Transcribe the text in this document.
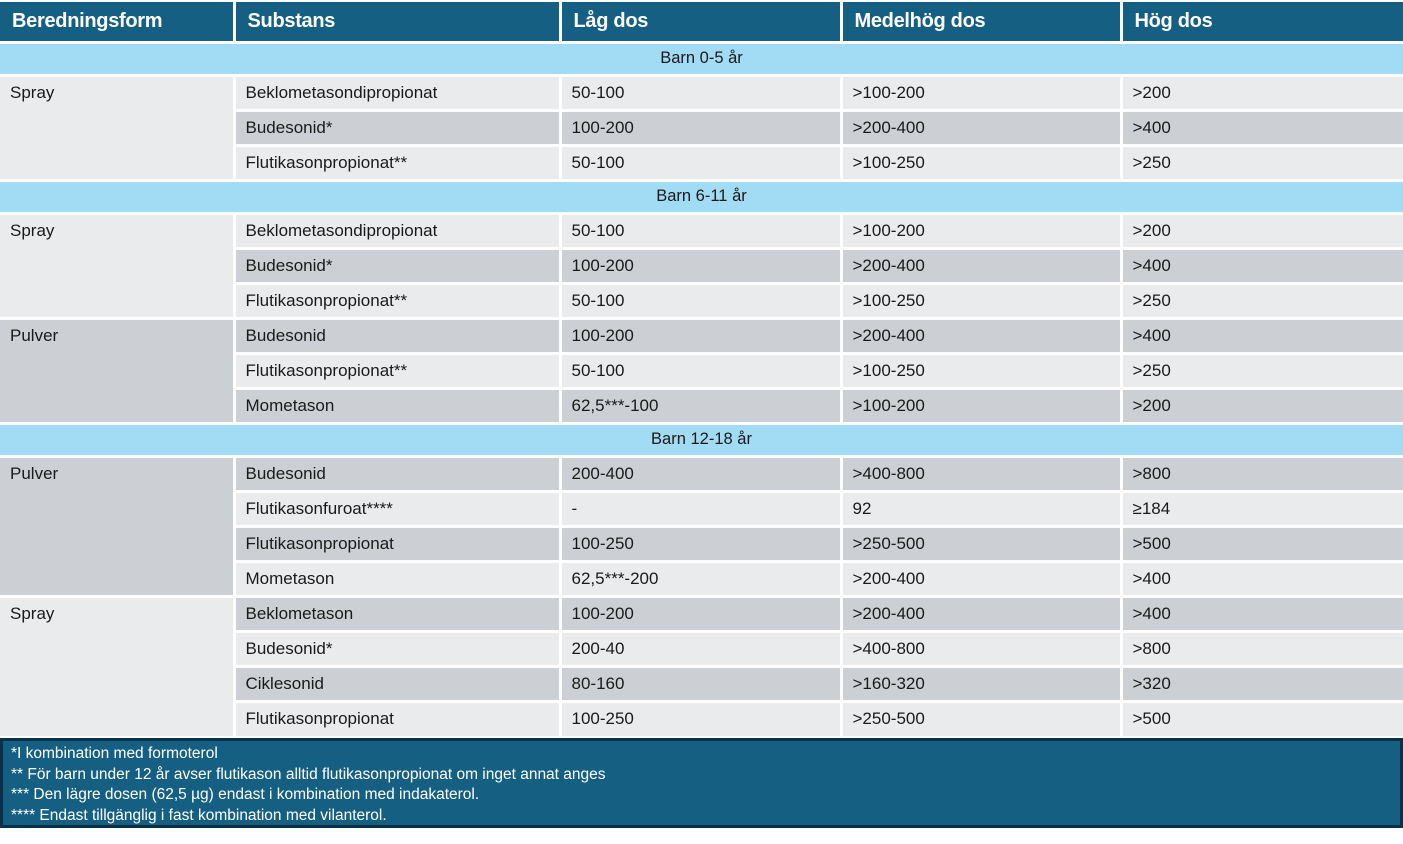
Beredningsform	Substans	Låg dos	Medelhög dos	Hög dos
Barn 0-5 år				
Spray	Beklometasondipropionat	50-100	>100-200	>200
	Budesonid*	100-200	>200-400	>400
	Flutikasonpropionat**	50-100	>100-250	>250
Barn 6-11 år				
Spray	Beklometasondipropionat	50-100	>100-200	>200
	Budesonid*	100-200	>200-400	>400
	Flutikasonpropionat**	50-100	>100-250	>250
Pulver	Budesonid	100-200	>200-400	>400
	Flutikasonpropionat**	50-100	>100-250	>250
	Mometason	62,5***-100	>100-200	>200
Barn 12-18 år				
Pulver	Budesonid	200-400	>400-800	>800
	Flutikasonfuroat****	-	92	≥184
	Flutikasonpropionat	100-250	>250-500	>500
	Mometason	62,5***-200	>200-400	>400
Spray	Beklometason	100-200	>200-400	>400
	Budesonid*	200-40	>400-800	>800
	Ciklesonid	80-160	>160-320	>320
	Flutikasonpropionat	100-250	>250-500	>500
*I kombination med formoterol
** För barn under 12 år avser flutikason alltid flutikasonpropionat om inget annat anges
*** Den lägre dosen (62,5 µg) endast i kombination med indakaterol.
**** Endast tillgänglig i fast kombination med vilanterol.
